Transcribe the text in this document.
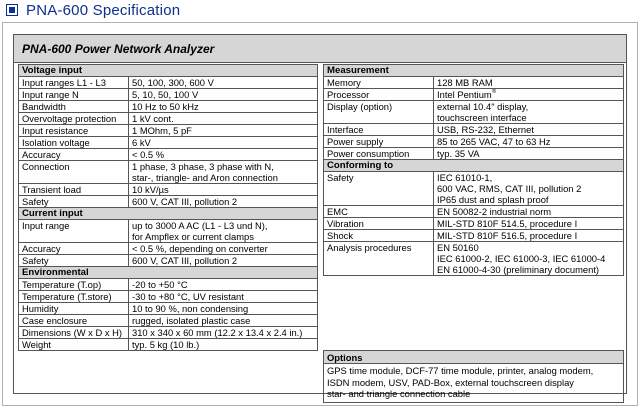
PNA-600 Specification
PNA-600 Power Network Analyzer
Voltage input	
Input ranges L1 - L3	50, 100, 300, 600 V

Input range N	5, 10, 50, 100 V

Bandwidth	10 Hz to 50 kHz

Overvoltage protection	1 kV cont.

Input resistance	1 MOhm, 5 pF

Isolation voltage	6 kV

Accuracy	< 0.5 %

Connection	1 phase, 3 phase, 3 phase with N,
star-, triangle- and Aron connection

Transient load	10 kV/µs

Safety	600 V, CAT III, pollution 2

Current input	
Input range	up to 3000 A AC (L1 - L3 und N),
for Ampflex or current clamps

Accuracy	< 0.5 %, depending on converter

Safety	600 V, CAT III, pollution 2

Environmental	
Temperature (T.op)	-20 to +50 °C

Temperature (T.store)	-30 to +80 °C, UV resistant

Humidity	10 to 90 %, non condensing

Case enclosure	rugged, isolated plastic case

Dimensions (W x D x H)	310 x 340 x 60 mm (12.2 x 13.4 x 2.4 in.)

Weight	typ. 5 kg (10 lb.)
Measurement	
Memory	128 MB RAM
Processor	Intel Pentium®
Display (option)	external 10.4" display,
touchscreen interface

Interface	USB, RS-232, Ethernet

Power supply	85 to 265 VAC, 47 to 63 Hz

Power consumption	typ. 35 VA

Conforming to	
Safety	IEC 61010-1,
600 VAC, RMS, CAT III, pollution 2
IP65 dust and splash proof

EMC	EN 50082-2 industrial norm

Vibration	MIL-STD 810F 514.5, procedure I

Shock	MIL-STD 810F 516.5, procedure I

Analysis procedures	EN 50160
IEC 61000-2, IEC 61000-3, IEC 61000-4
EN 61000-4-30 (preliminary document)
Options
GPS time module, DCF-77 time module, printer, analog modem,
ISDN modem, USV, PAD-Box, external touchscreen display
star- and triangle connection cable
